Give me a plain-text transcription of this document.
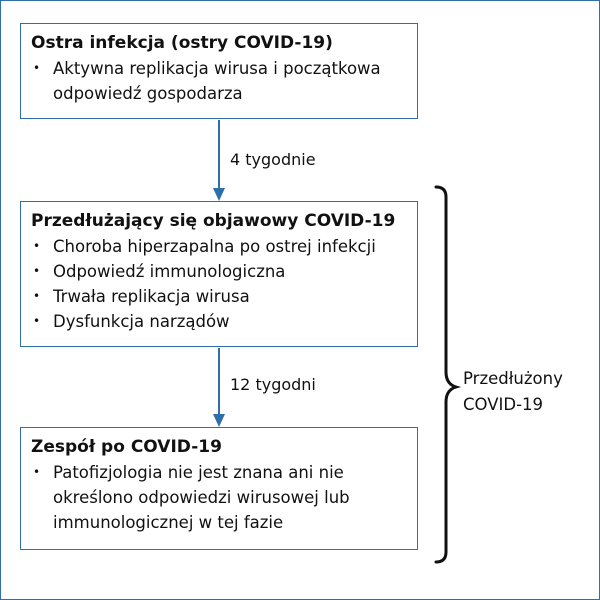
Ostra infekcja (ostry COVID-19)
• Aktywna replikacja wirusa i początkowa
odpowiedź gospodarza
Przedłużający się objawowy COVID-19
• Choroba hiperzapalna po ostrej infekcji
• Odpowiedź immunologiczna
• Trwała replikacja wirusa
• Dysfunkcja narządów
Zespół po COVID-19
• Patofizjologia nie jest znana ani nie
określono odpowiedzi wirusowej lub
immunologicznej w tej fazie
4 tygodnie
12 tygodni	Przedłużony
COVID-19
